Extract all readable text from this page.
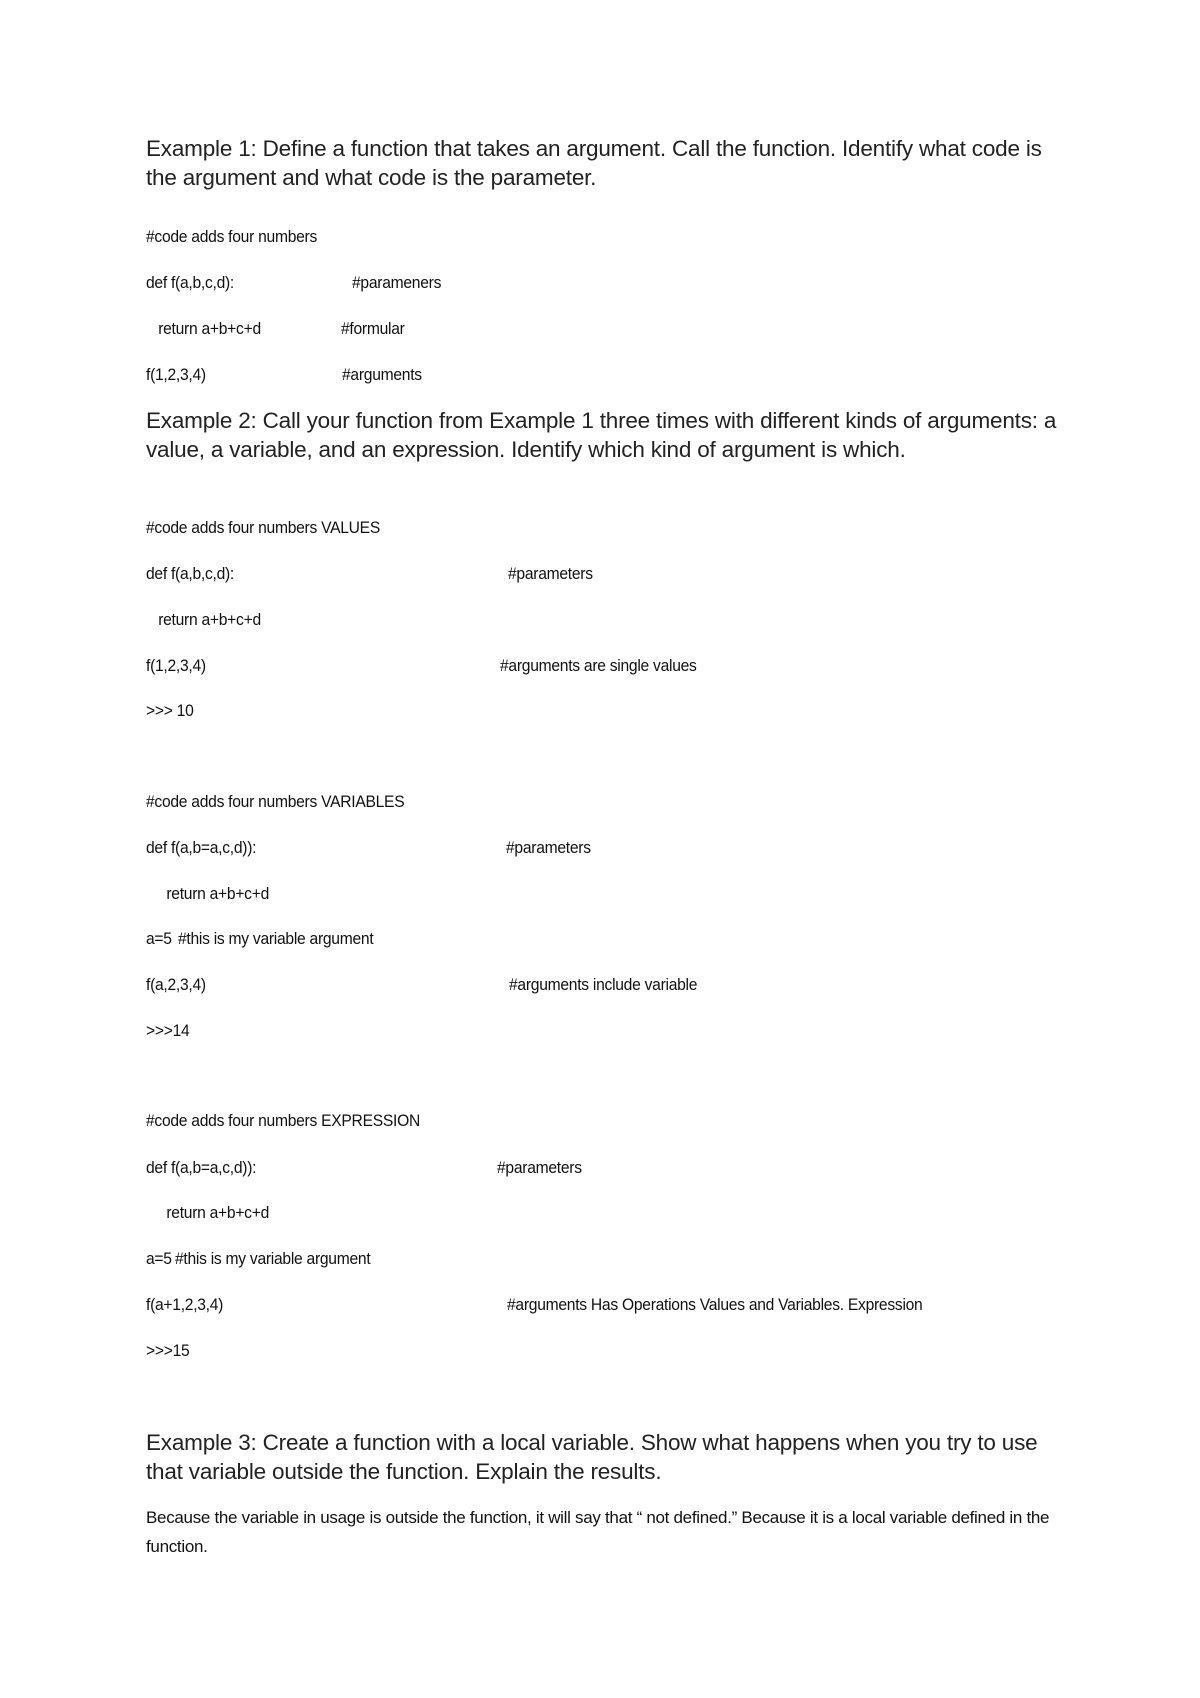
Example 1: Define a function that takes an argument. Call the function. Identify what code is the argument and what code is the parameter.
#code adds four numbers
def f(a,b,c,d):	#parameners
return a+b+c+d	#formular
f(1,2,3,4)	#arguments
Example 2: Call your function from Example 1 three times with different kinds of arguments: a value, a variable, and an expression. Identify which kind of argument is which.
#code adds four numbers VALUES
def f(a,b,c,d):	#parameters
return a+b+c+d
f(1,2,3,4)	#arguments are single values
>>> 10
#code adds four numbers VARIABLES
def f(a,b=a,c,d)):	#parameters
return a+b+c+d
a=5 #this is my variable argument
f(a,2,3,4)	#arguments include variable
>>>14
#code adds four numbers EXPRESSION
def f(a,b=a,c,d)):	#parameters
return a+b+c+d
a=5 #this is my variable argument
f(a+1,2,3,4)	#arguments Has Operations Values and Variables. Expression
>>>15
Example 3: Create a function with a local variable. Show what happens when you try to use that variable outside the function. Explain the results.
Because the variable in usage is outside the function, it will say that “ not defined.” Because it is a local variable defined in the function.
